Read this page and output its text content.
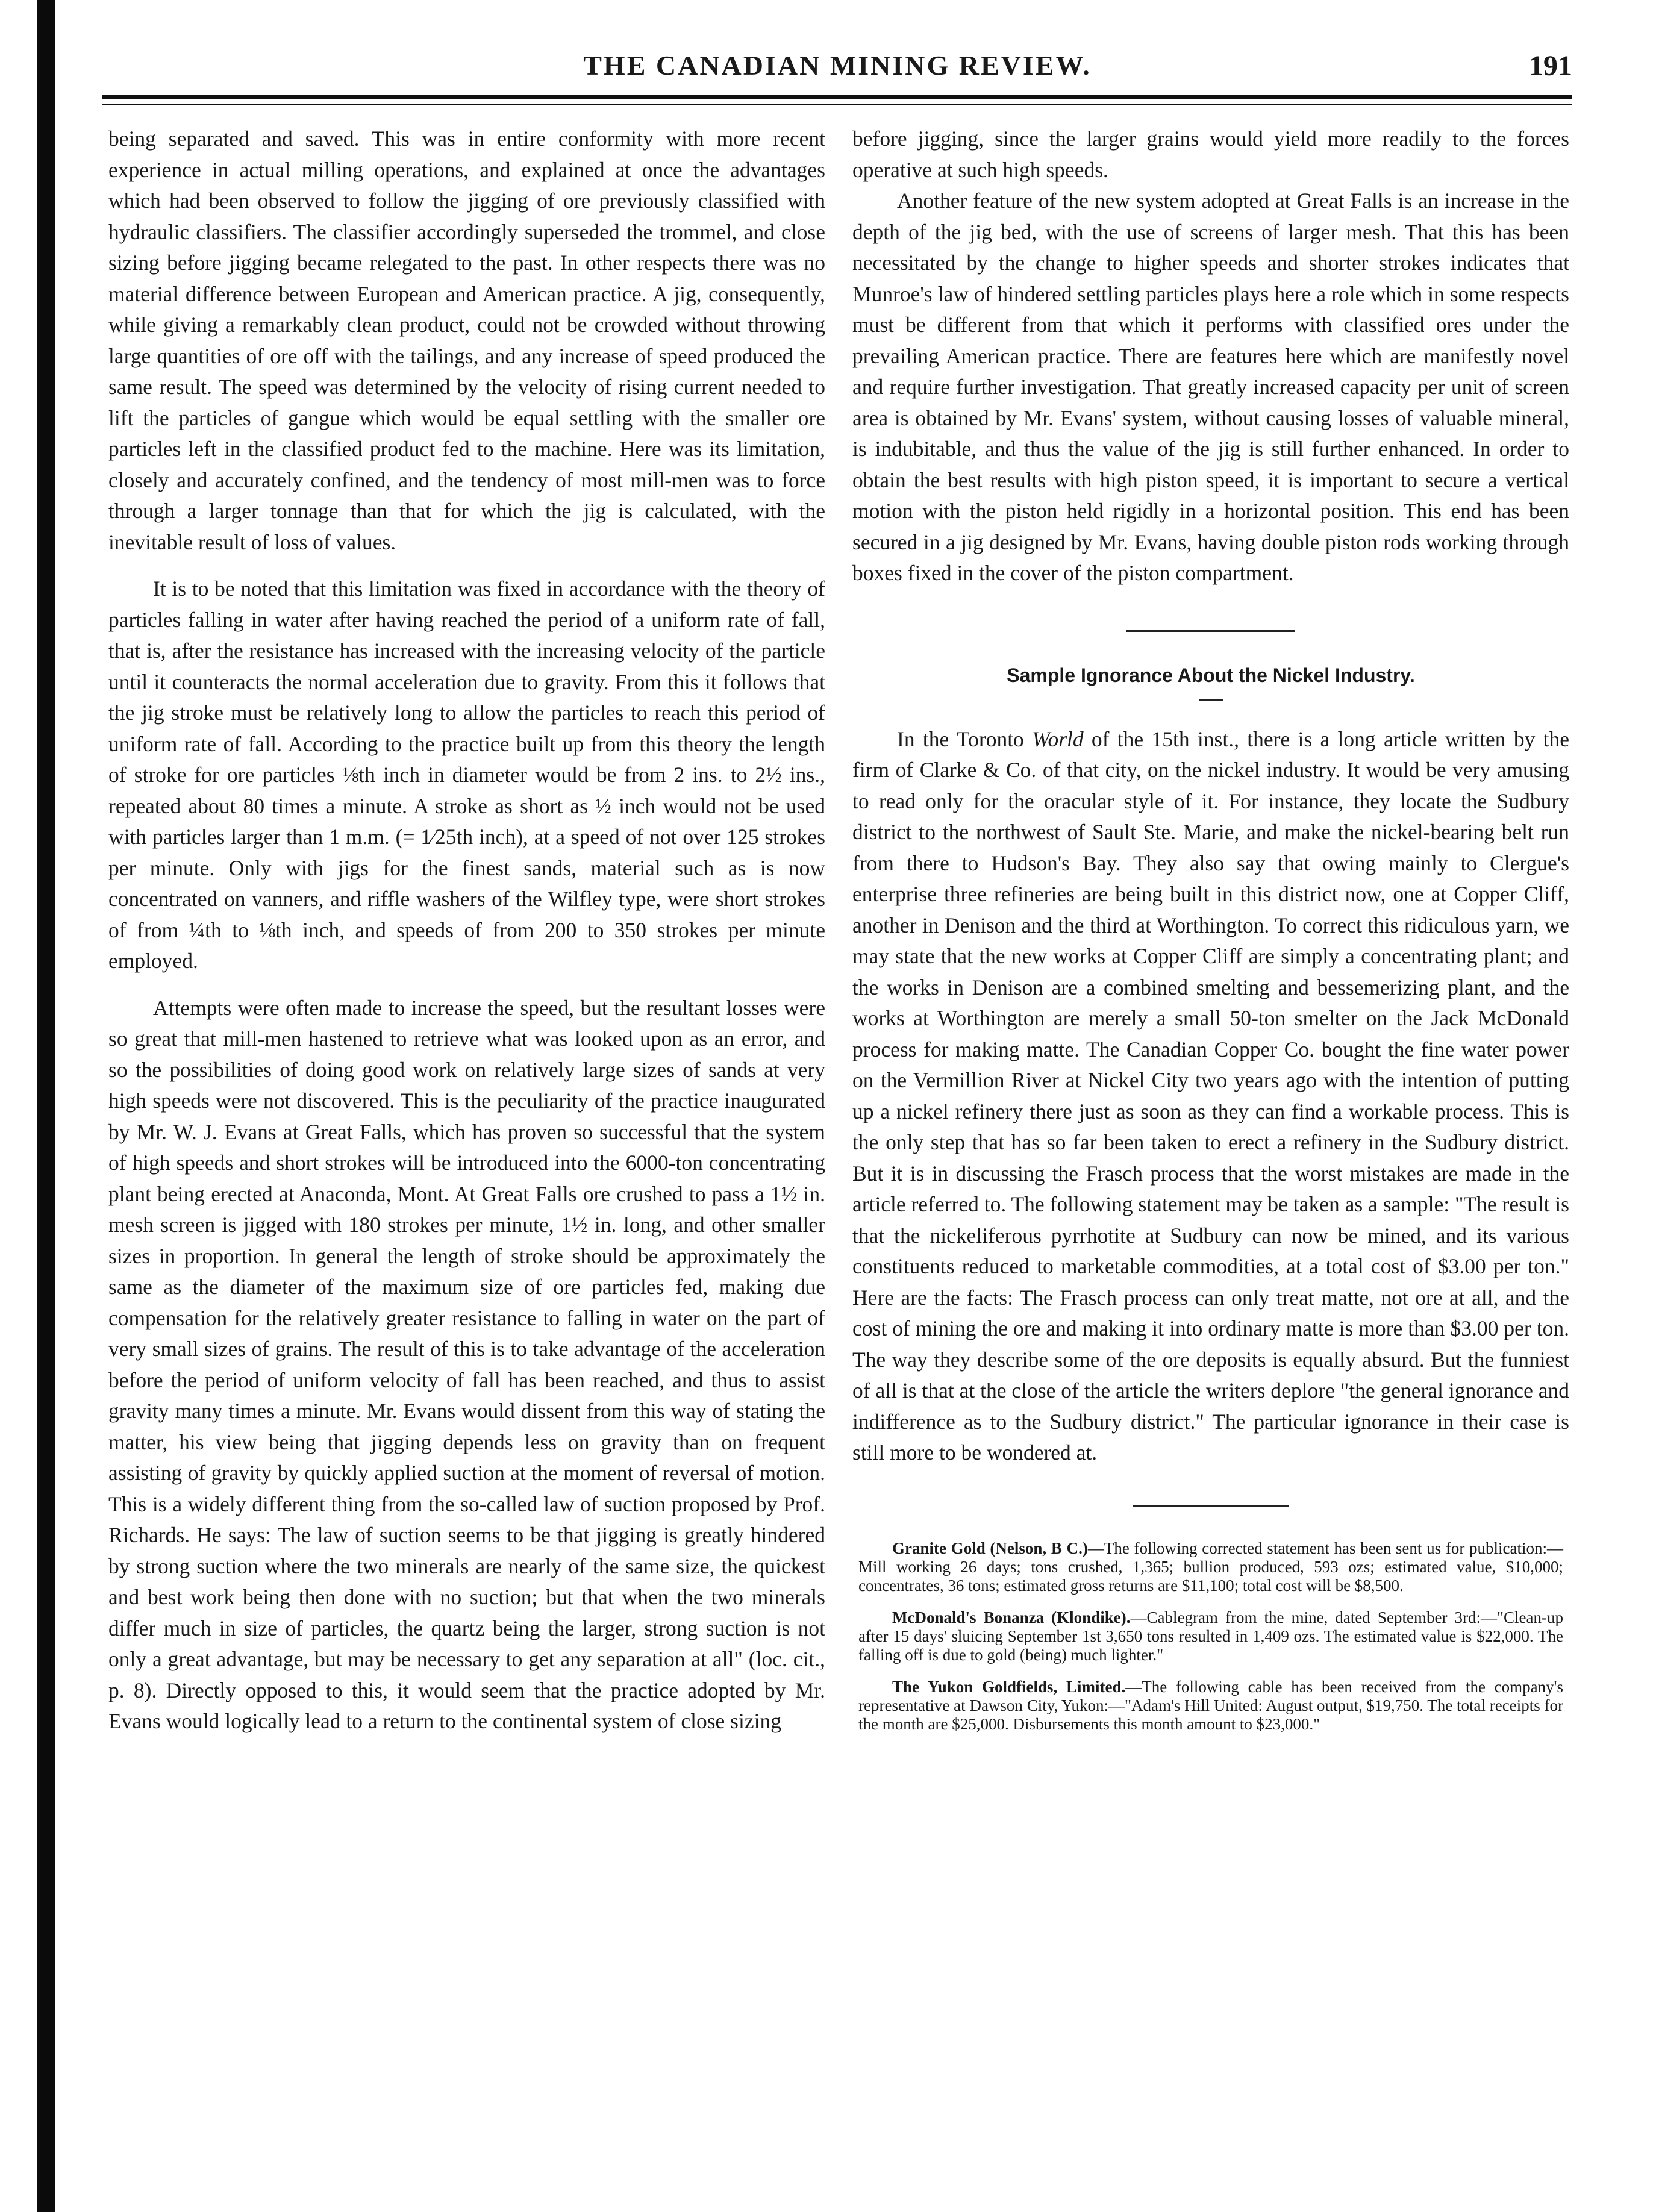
THE CANADIAN MINING REVIEW.	191

being separated and saved. This was in entire conformity with more recent experience in actual milling operations, and explained at once the advantages which had been observed to follow the jigging of ore previously classified with hydraulic classifiers. The classifier accordingly superseded the trommel, and close sizing before jigging became relegated to the past. In other respects there was no material difference between European and American practice. A jig, consequently, while giving a remarkably clean product, could not be crowded without throwing large quantities of ore off with the tailings, and any increase of speed produced the same result. The speed was determined by the velocity of rising current needed to lift the particles of gangue which would be equal settling with the smaller ore particles left in the classified product fed to the machine. Here was its limitation, closely and accurately confined, and the tendency of most mill-men was to force through a larger tonnage than that for which the jig is calculated, with the inevitable result of loss of values.

It is to be noted that this limitation was fixed in accordance with the theory of particles falling in water after having reached the period of a uniform rate of fall, that is, after the resistance has increased with the increasing velocity of the particle until it counteracts the normal acceleration due to gravity. From this it follows that the jig stroke must be relatively long to allow the particles to reach this period of uniform rate of fall. According to the practice built up from this theory the length of stroke for ore particles ⅛th inch in diameter would be from 2 ins. to 2½ ins., repeated about 80 times a minute. A stroke as short as ½ inch would not be used with particles larger than 1 m.m. (= 1⁄25th inch), at a speed of not over 125 strokes per minute. Only with jigs for the finest sands, material such as is now concentrated on vanners, and riffle washers of the Wilfley type, were short strokes of from ¼th to ⅛th inch, and speeds of from 200 to 350 strokes per minute employed.

Attempts were often made to increase the speed, but the resultant losses were so great that mill-men hastened to retrieve what was looked upon as an error, and so the possibilities of doing good work on relatively large sizes of sands at very high speeds were not discovered. This is the peculiarity of the practice inaugurated by Mr. W. J. Evans at Great Falls, which has proven so successful that the system of high speeds and short strokes will be introduced into the 6000-ton concentrating plant being erected at Anaconda, Mont. At Great Falls ore crushed to pass a 1½ in. mesh screen is jigged with 180 strokes per minute, 1½ in. long, and other smaller sizes in proportion. In general the length of stroke should be approximately the same as the diameter of the maximum size of ore particles fed, making due compensation for the relatively greater resistance to falling in water on the part of very small sizes of grains. The result of this is to take advantage of the acceleration before the period of uniform velocity of fall has been reached, and thus to assist gravity many times a minute. Mr. Evans would dissent from this way of stating the matter, his view being that jigging depends less on gravity than on frequent assisting of gravity by quickly applied suction at the moment of reversal of motion. This is a widely different thing from the so-called law of suction proposed by Prof. Richards. He says: The law of suction seems to be that jigging is greatly hindered by strong suction where the two minerals are nearly of the same size, the quickest and best work being then done with no suction; but that when the two minerals differ much in size of particles, the quartz being the larger, strong suction is not only a great advantage, but may be necessary to get any separation at all" (loc. cit., p. 8). Directly opposed to this, it would seem that the practice adopted by Mr. Evans would logically lead to a return to the continental system of close sizing

before jigging, since the larger grains would yield more readily to the forces operative at such high speeds.

Another feature of the new system adopted at Great Falls is an increase in the depth of the jig bed, with the use of screens of larger mesh. That this has been necessitated by the change to higher speeds and shorter strokes indicates that Munroe's law of hindered settling particles plays here a role which in some respects must be different from that which it performs with classified ores under the prevailing American practice. There are features here which are manifestly novel and require further investigation. That greatly increased capacity per unit of screen area is obtained by Mr. Evans' system, without causing losses of valuable mineral, is indubitable, and thus the value of the jig is still further enhanced. In order to obtain the best results with high piston speed, it is important to secure a vertical motion with the piston held rigidly in a horizontal position. This end has been secured in a jig designed by Mr. Evans, having double piston rods working through boxes fixed in the cover of the piston compartment.

Sample Ignorance About the Nickel Industry.

In the Toronto World of the 15th inst., there is a long article written by the firm of Clarke & Co. of that city, on the nickel industry. It would be very amusing to read only for the oracular style of it. For instance, they locate the Sudbury district to the northwest of Sault Ste. Marie, and make the nickel-bearing belt run from there to Hudson's Bay. They also say that owing mainly to Clergue's enterprise three refineries are being built in this district now, one at Copper Cliff, another in Denison and the third at Worthington. To correct this ridiculous yarn, we may state that the new works at Copper Cliff are simply a concentrating plant; and the works in Denison are a combined smelting and bessemerizing plant, and the works at Worthington are merely a small 50-ton smelter on the Jack McDonald process for making matte. The Canadian Copper Co. bought the fine water power on the Vermillion River at Nickel City two years ago with the intention of putting up a nickel refinery there just as soon as they can find a workable process. This is the only step that has so far been taken to erect a refinery in the Sudbury district. But it is in discussing the Frasch process that the worst mistakes are made in the article referred to. The following statement may be taken as a sample: "The result is that the nickeliferous pyrrhotite at Sudbury can now be mined, and its various constituents reduced to marketable commodities, at a total cost of $3.00 per ton." Here are the facts: The Frasch process can only treat matte, not ore at all, and the cost of mining the ore and making it into ordinary matte is more than $3.00 per ton. The way they describe some of the ore deposits is equally absurd. But the funniest of all is that at the close of the article the writers deplore "the general ignorance and indifference as to the Sudbury district." The particular ignorance in their case is still more to be wondered at.

Granite Gold (Nelson, B C.)—The following corrected statement has been sent us for publication:—Mill working 26 days; tons crushed, 1,365; bullion produced, 593 ozs; estimated value, $10,000; concentrates, 36 tons; estimated gross returns are $11,100; total cost will be $8,500.
McDonald's Bonanza (Klondike).—Cablegram from the mine, dated September 3rd:—"Clean-up after 15 days' sluicing September 1st 3,650 tons resulted in 1,409 ozs. The estimated value is $22,000. The falling off is due to gold (being) much lighter."
The Yukon Goldfields, Limited.—The following cable has been received from the company's representative at Dawson City, Yukon:—"Adam's Hill United: August output, $19,750. The total receipts for the month are $25,000. Disbursements this month amount to $23,000."
